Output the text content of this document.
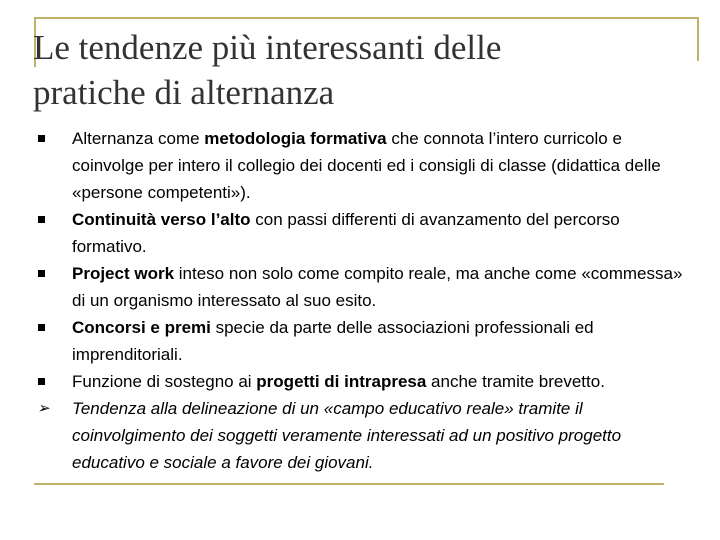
Le tendenze più interessanti delle
pratiche di alternanza
Alternanza come metodologia formativa che connota l’intero curricolo e coinvolge per intero il collegio dei docenti ed i consigli di classe (didattica delle «persone competenti»).
Continuità verso l’alto con passi differenti di avanzamento del percorso formativo.
Project work inteso non solo come compito reale, ma anche come «commessa» di un organismo interessato al suo esito.
Concorsi e premi specie da parte delle associazioni professionali ed imprenditoriali.
Funzione di sostegno ai progetti di intrapresa anche tramite brevetto.
➢ Tendenza alla delineazione di un «campo educativo reale» tramite il coinvolgimento dei soggetti veramente interessati ad un positivo progetto educativo e sociale a favore dei giovani.
